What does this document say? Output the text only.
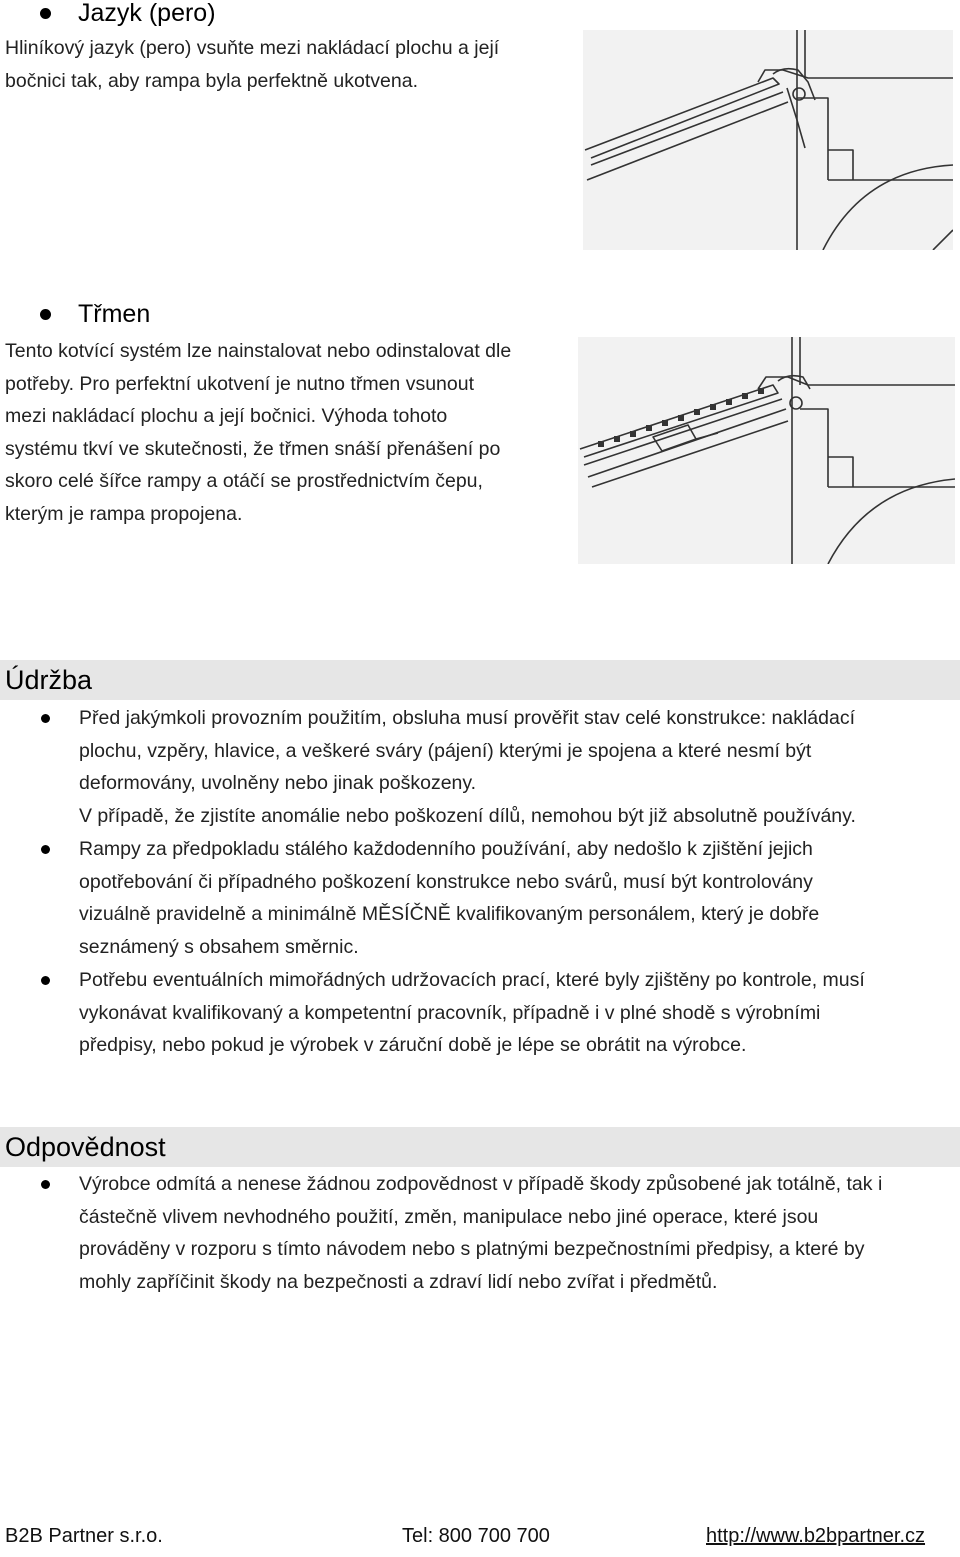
Jazyk (pero)
Hliníkový jazyk (pero) vsuňte mezi nakládací plochu a její
bočnici tak, aby rampa byla perfektně ukotvena.
Třmen
Tento kotvící systém lze nainstalovat nebo odinstalovat dle
potřeby. Pro perfektní ukotvení je nutno třmen vsunout
mezi nakládací plochu a její bočnici. Výhoda tohoto
systému tkví ve skutečnosti, že třmen snáší přenášení po
skoro celé šířce rampy a otáčí se prostřednictvím čepu,
kterým je rampa propojena.
Údržba
Před jakýmkoli provozním použitím, obsluha musí prověřit stav celé konstrukce: nakládací
plochu, vzpěry, hlavice, a veškeré sváry (pájení) kterými je spojena a které nesmí být
deformovány, uvolněny nebo jinak poškozeny.
V případě, že zjistíte anomálie nebo poškození dílů, nemohou být již absolutně používány.
Rampy za předpokladu stálého každodenního používání, aby nedošlo k zjištění jejich
opotřebování či případného poškození konstrukce nebo svárů, musí být kontrolovány
vizuálně pravidelně a minimálně MĚSÍČNĚ kvalifikovaným personálem, který je dobře
seznámený s obsahem směrnic.
Potřebu eventuálních mimořádných udržovacích prací, které byly zjištěny po kontrole, musí
vykonávat kvalifikovaný a kompetentní pracovník, případně i v plné shodě s výrobními
předpisy, nebo pokud je výrobek v záruční době je lépe se obrátit na výrobce.
Odpovědnost
Výrobce odmítá a nenese žádnou zodpovědnost v případě škody způsobené jak totálně, tak i
částečně vlivem nevhodného použití, změn, manipulace nebo jiné operace, které jsou
prováděny v rozporu s tímto návodem nebo s platnými bezpečnostními předpisy, a které by
mohly zapříčinit škody na bezpečnosti a zdraví lidí nebo zvířat i předmětů.
B2B Partner s.r.o.	Tel: 800 700 700	http://www.b2bpartner.cz
